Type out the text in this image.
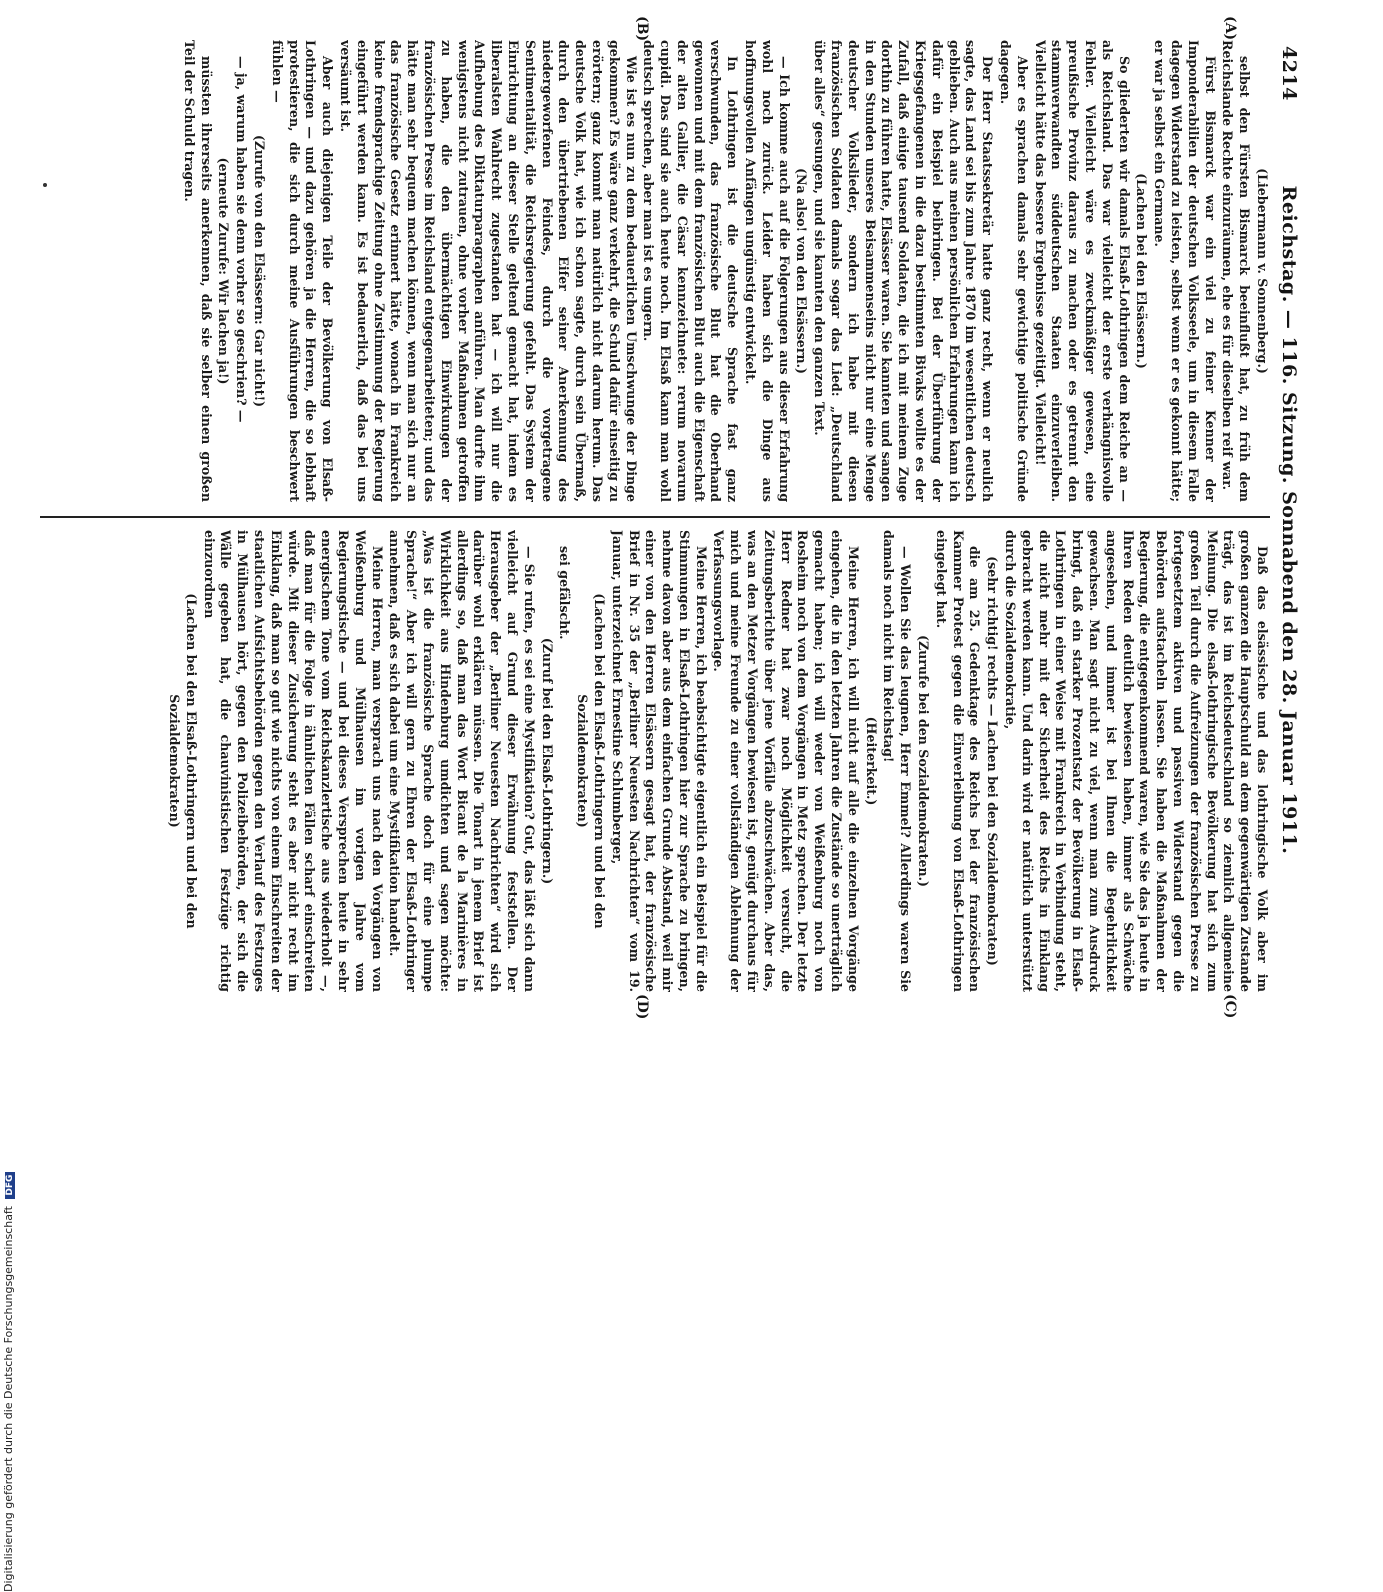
4214
Reichstag. — 116. Sitzung. Sonnabend den 28. Januar 1911.
(A)
(B)
(C)
(D)

(Liebermann v. Sonnenberg.)

selbst den Fürsten Bismarck beeinflußt hat, zu früh dem Reichslande Rechte einzuräumen, ehe es für dieselben reif war.

Fürst Bismarck war ein viel zu feiner Kenner der Imponderabilien der deutschen Volksseele, um in diesem Falle dagegen Widerstand zu leisten, selbst wenn er es gekonnt hätte; er war ja selbst ein Germane.

(Lachen bei den Elsässern.)

So gliederten wir damals Elsaß-Lothringen dem Reiche an — als Reichsland. Das war vielleicht der erste verhängnisvolle Fehler. Vielleicht wäre es zweckmäßiger gewesen, eine preußische Provinz daraus zu machen oder es getrennt den stammverwandten süddeutschen Staaten einzuverleiben. Vielleicht hätte das bessere Ergebnisse gezeitigt. Vielleicht!

Aber es sprachen damals sehr gewichtige politische Gründe dagegen.

Der Herr Staatssekretär hatte ganz recht, wenn er neulich sagte, das Land sei bis zum Jahre 1870 im wesentlichen deutsch geblieben. Auch aus meinen persönlichen Erfahrungen kann ich dafür ein Beispiel beibringen. Bei der Überführung der Kriegsgefangenen in die dazu bestimmten Bivaks wollte es der Zufall, daß einige tausend Soldaten, die ich mit meinem Zuge dorthin zu führen hatte, Elsässer waren. Sie kannten und sangen in den Stunden unseres Beisammenseins nicht nur eine Menge deutscher Volkslieder, sondern ich habe mit diesen französischen Soldaten damals sogar das Lied: „Deutschland über alles“ gesungen, und sie kannten den ganzen Text.

(Na also! von den Elsässern.)

— Ich komme auch auf die Folgerungen aus dieser Erfahrung wohl noch zurück. Leider haben sich die Dinge aus hoffnungsvollen Anfängen ungünstig entwickelt.

In Lothringen ist die deutsche Sprache fast ganz verschwunden, das französische Blut hat die Oberhand gewonnen und mit dem französischen Blut auch die Eigenschaft der alten Gallier, die Cäsar kennzeichnete: rerum novarum cupidi. Das sind sie auch heute noch. Im Elsaß kann man wohl deutsch sprechen, aber man ist es ungern.

Wie ist es nun zu dem bedauerlichen Umschwunge der Dinge gekommen? Es wäre ganz verkehrt, die Schuld dafür einseitig zu erörtern; ganz kommt man natürlich nicht darum herum. Das deutsche Volk hat, wie ich schon sagte, durch sein Übermaß, durch den übertriebenen Eifer seiner Anerkennung des niedergeworfenen Feindes, durch die vorgetragene Sentimentalität, die Reichsregierung gefehlt. Das System der Einrichtung an dieser Stelle geltend gemacht hat, indem es liberalsten Wahlrecht zugestanden hat — ich will nur die Aufhebung des Diktaturparagraphen anführen. Man durfte ihm wenigstens nicht zutrauen, ohne vorher Maßnahmen getroffen zu haben, die den übermächtigen Einwirkungen der französischen Presse im Reichsland entgegenarbeiteten; und das hätte man sehr bequem machen können, wenn man sich nur an das französische Gesetz erinnert hätte, wonach in Frankreich keine fremdsprachige Zeitung ohne Zustimmung der Regierung eingeführt werden kann. Es ist bedauerlich, daß das bei uns versäumt ist.

Aber auch diejenigen Teile der Bevölkerung von Elsaß-Lothringen — und dazu gehören ja die Herren, die so lebhaft protestieren, die sich durch meine Ausführungen beschwert fühlen —

(Zurufe von den Elsässern: Gar nicht!)

— ja, warum haben sie denn vorher so geschrien? —

(erneute Zurufe: Wir lachen ja!)

müssten ihrerseits anerkennen, daß sie selber einen großen Teil der Schuld tragen.

Daß das elsässische und das lothringische Volk aber im großen ganzen die Hauptschuld an dem gegenwärtigen Zustande trägt, das ist im Reichsdeutschland so ziemlich allgemeine Meinung. Die elsaß-lothringische Bevölkerung hat sich zum großen Teil durch die Aufreizungen der französischen Presse zu fortgesetztem aktiven und passiven Widerstand gegen die Behörden aufstacheln lassen. Sie haben die Maßnahmen der Regierung, die entgegenkommend waren, wie Sie das ja heute in Ihren Reden deutlich bewiesen haben, immer als Schwäche angesehen, und immer ist bei Ihnen die Begehrlichkeit gewachsen. Man sagt nicht zu viel, wenn man zum Ausdruck bringt, daß ein starker Prozentsatz der Bevölkerung in Elsaß-Lothringen in einer Weise mit Frankreich in Verbindung steht, die nicht mehr mit der Sicherheit des Reichs in Einklang gebracht werden kann. Und darin wird er natürlich unterstützt durch die Sozialdemokratie,

(sehr richtig! rechts — Lachen bei den Sozialdemokraten)

die am 25. Gedenktage des Reichs bei der französischen Kammer Protest gegen die Einverleibung von Elsaß-Lothringen eingelegt hat.

(Zurufe bei den Sozialdemokraten.)

— Wollen Sie das leugnen, Herr Emmel? Allerdings waren Sie damals noch nicht im Reichstag!

(Heiterkeit.)

Meine Herren, ich will nicht auf alle die einzelnen Vorgänge eingehen, die in den letzten Jahren die Zustände so unerträglich gemacht haben; ich will weder von Weißenburg noch von Rosheim noch von dem Vorgängen in Metz sprechen. Der letzte Herr Redner hat zwar noch Möglichkeit versucht, die Zeitungsberichte über jene Vorfälle abzuschwächen. Aber das, was an den Metzer Vorgängen bewiesen ist, genügt durchaus für mich und meine Freunde zu einer vollständigen Ablehnung der Verfassungsvorlage.

Meine Herren, ich beabsichtigte eigentlich ein Beispiel für die Stimmungen in Elsaß-Lothringen hier zur Sprache zu bringen, nehme davon aber aus dem einfachen Grunde Abstand, weil mir einer von den Herren Elsässern gesagt hat, der französische Brief in Nr. 35 der „Berliner Neuesten Nachrichten“ vom 19. Januar, unterzeichnet Ernestine Schlumberger,

(Lachen bei den Elsaß-Lothringern und bei den Sozialdemokraten)

sei gefälscht.

(Zuruf bei den Elsaß-Lothringern.)

— Sie rufen, es sei eine Mystifikation? Gut, das läßt sich dann vielleicht auf Grund dieser Erwähnung feststellen. Der Herausgeber der „Berliner Neuesten Nachrichten“ wird sich darüber wohl erklären müssen. Die Tonart in jenem Brief ist allerdings so, daß man das Wort Bicant de la Marinières in Wirklichkeit aus Hindenburg umdichten und sagen möchte: „Was ist die französische Sprache doch für eine plumpe Sprache!“ Aber ich will gern zu Ehren der Elsaß-Lothringer annehmen, daß es sich dabei um eine Mystifikation handelt.

Meine Herren, man versprach uns nach den Vorgängen von Weißenburg und Mülhausen im vorigen Jahre vom Regierungstische — und bei dieses Versprechen heute in sehr energischem Tone vom Reichskanzlertische aus wiederholt —, daß man für die Folge in ähnlichen Fällen scharf einschreiten würde. Mit dieser Zusicherung steht es aber nicht recht im Einklang, daß man so gut wie nichts von einem Einschreiten der staatlichen Aufsichtsbehörden gegen den Verlauf des Festzuges in Mülhausen hört, gegen den Polizeibehörden, der sich die Wälle gegeben hat, die chauvinistischen Festzüge richtig einzuordnen

(Lachen bei den Elsaß-Lothringern und bei den Sozialdemokraten)

Digitalisierung gefördert durch die Deutsche Forschungsgemeinschaft DFG
